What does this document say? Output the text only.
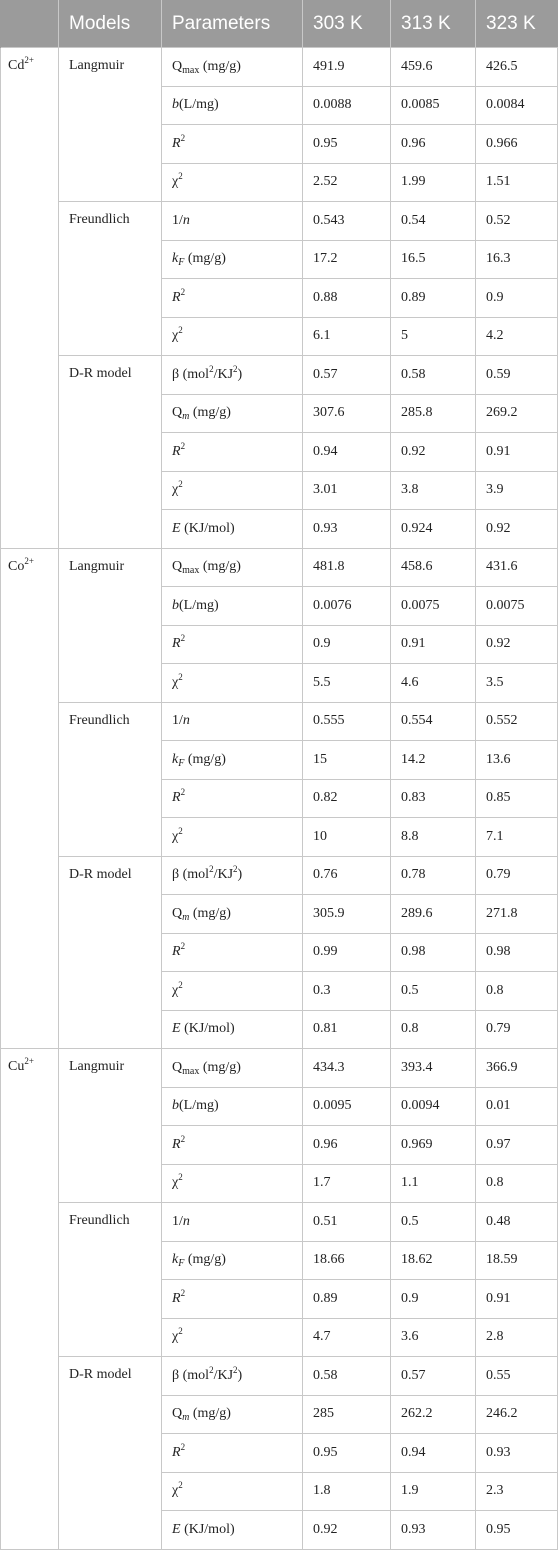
	Models	Parameters	303 K	313 K	323 K
$Cd^{2+}$	Langmuir	$Q_{max}$ (mg/g)	491.9	459.6	426.5
		b(L/mg)	0.0088	0.0085	0.0084
		$R^2$	0.95	0.96	0.966
		$\chi^2$	2.52	1.99	1.51
	Freundlich	1/n	0.543	0.54	0.52
		$k_F$ (mg/g)	17.2	16.5	16.3
		$R^2$	0.88	0.89	0.9
		$\chi^2$	6.1	5	4.2
	D-R model	β $(mol^2/KJ^2)$	0.57	0.58	0.59
		$Q_m$ (mg/g)	307.6	285.8	269.2
		$R^2$	0.94	0.92	0.91
		$\chi^2$	3.01	3.8	3.9
		E (KJ/mol)	0.93	0.924	0.92
$Co^{2+}$	Langmuir	$Q_{max}$ (mg/g)	481.8	458.6	431.6
		b(L/mg)	0.0076	0.0075	0.0075
		$R^2$	0.9	0.91	0.92
		$\chi^2$	5.5	4.6	3.5
	Freundlich	1/n	0.555	0.554	0.552
		$k_F$ (mg/g)	15	14.2	13.6
		$R^2$	0.82	0.83	0.85
		$\chi^2$	10	8.8	7.1
	D-R model	β $(mol^2/KJ^2)$	0.76	0.78	0.79
		$Q_m$ (mg/g)	305.9	289.6	271.8
		$R^2$	0.99	0.98	0.98
		$\chi^2$	0.3	0.5	0.8
		E (KJ/mol)	0.81	0.8	0.79
$Cu^{2+}$	Langmuir	$Q_{max}$ (mg/g)	434.3	393.4	366.9
		b(L/mg)	0.0095	0.0094	0.01
		$R^2$	0.96	0.969	0.97
		$\chi^2$	1.7	1.1	0.8
	Freundlich	1/n	0.51	0.5	0.48
		$k_F$ (mg/g)	18.66	18.62	18.59
		$R^2$	0.89	0.9	0.91
		$\chi^2$	4.7	3.6	2.8
	D-R model	β $(mol^2/KJ^2)$	0.58	0.57	0.55
		$Q_m$ (mg/g)	285	262.2	246.2
		$R^2$	0.95	0.94	0.93
		$\chi^2$	1.8	1.9	2.3
		E (KJ/mol)	0.92	0.93	0.95
